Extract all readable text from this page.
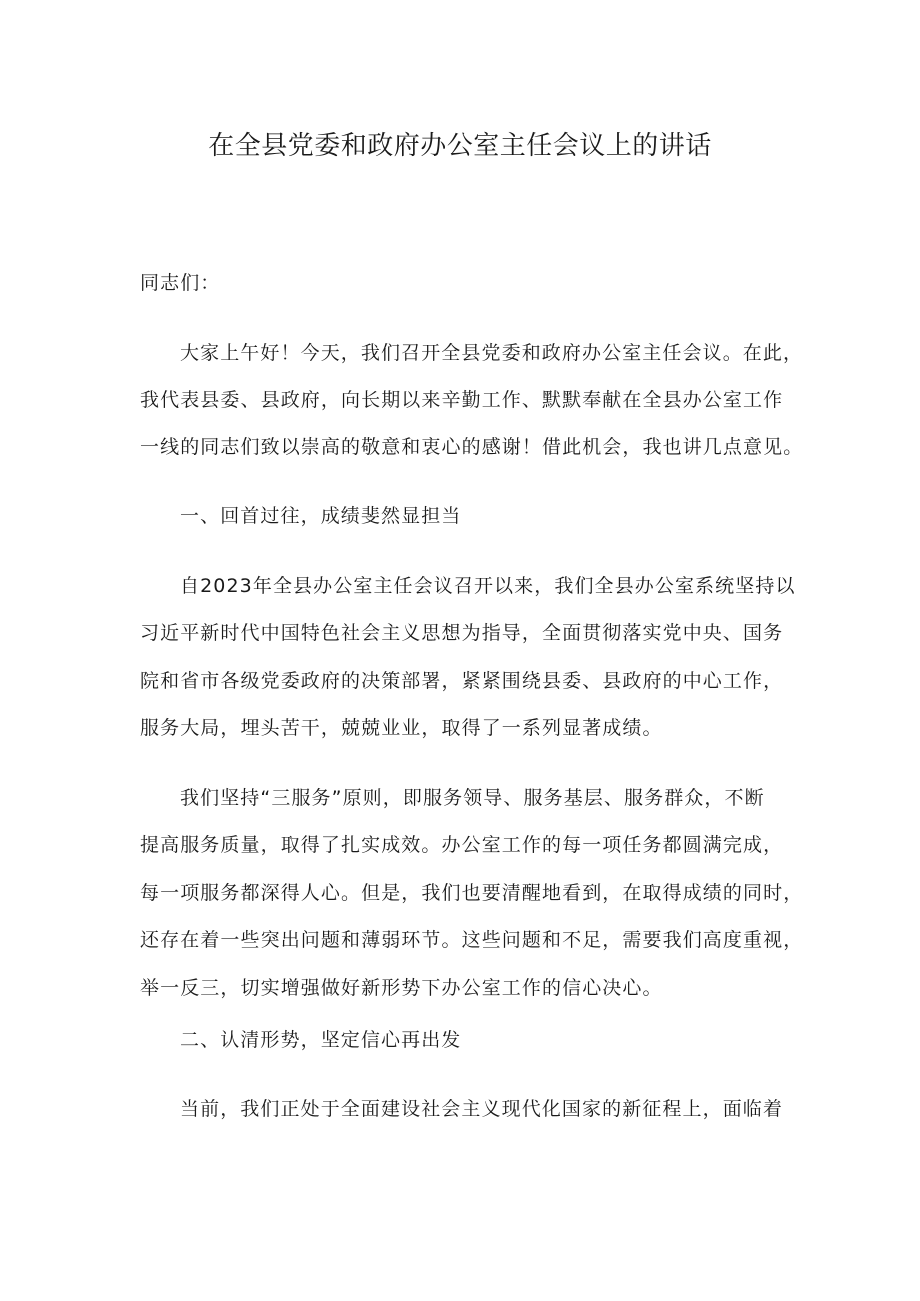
在全县党委和政府办公室主任会议上的讲话

同志们：

大家上午好！今天，我们召开全县党委和政府办公室主任会议。在此，

我代表县委、县政府，向长期以来辛勤工作、默默奉献在全县办公室工作

一线的同志们致以崇高的敬意和衷心的感谢！借此机会，我也讲几点意见。

一、回首过往，成绩斐然显担当

自2023年全县办公室主任会议召开以来，我们全县办公室系统坚持以

习近平新时代中国特色社会主义思想为指导，全面贯彻落实党中央、国务

院和省市各级党委政府的决策部署，紧紧围绕县委、县政府的中心工作，

服务大局，埋头苦干，兢兢业业，取得了一系列显著成绩。

我们坚持“三服务”原则，即服务领导、服务基层、服务群众，不断

提高服务质量，取得了扎实成效。办公室工作的每一项任务都圆满完成，

每一项服务都深得人心。但是，我们也要清醒地看到，在取得成绩的同时，

还存在着一些突出问题和薄弱环节。这些问题和不足，需要我们高度重视，

举一反三，切实增强做好新形势下办公室工作的信心决心。

二、认清形势，坚定信心再出发

当前，我们正处于全面建设社会主义现代化国家的新征程上，面临着
